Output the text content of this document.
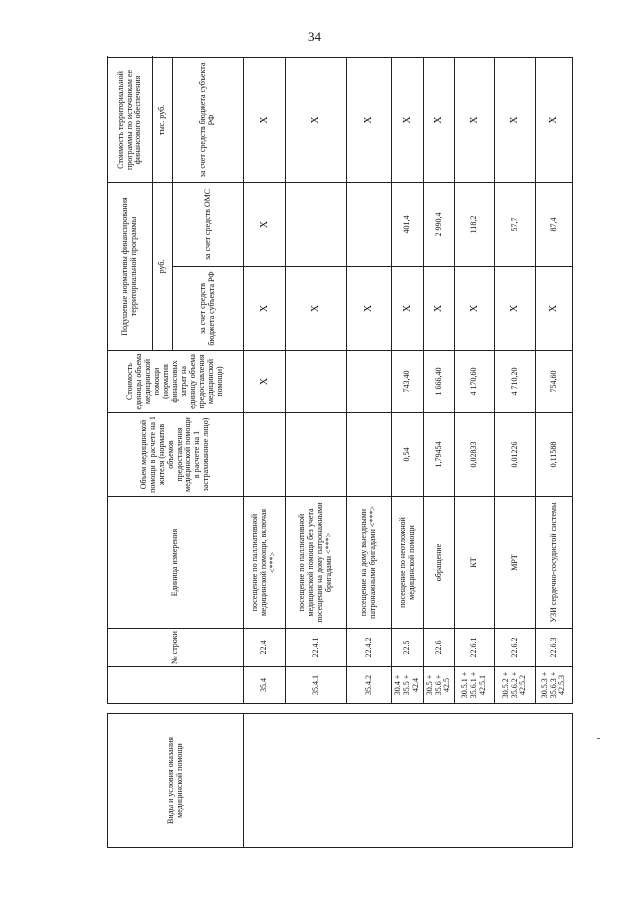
34
Виды и условия оказания медицинской помощи			№ строки	Единица измерения	Объем медицинской помощи в расчете на 1 жителя (норматив объемов предоставления медицинской помощи в расчете на 1 застрахованное лицо)	Стоимость единицы объема медицинской помощи (норматив финансовых затрат на единицу объема предоставления медицинской помощи)	Подушевые нормативы финансирования территориальной программы		Стоимость территориальной программы по источникам ее финансового обеспечения	
							руб.		тыс. руб.	
							за счет средств бюджета субъекта РФ	за счет средств ОМС	за счет средств бюджета субъекта РФ	
		35.4	22.4	посещение по паллиативной медицинской помощи, включая <***>		X	X	X	X		
		35.4.1	22.4.1	посещение по паллиативной медицинской помощи без учета посещения на дому патронажными бригадами <***>			X		X		
		35.4.2	22.4.2	посещение на дому выездными патронажными бригадами <***>			X		X		
		30.4 + 35.5 + 42.4	22.5	посещение по неотложной медицинской помощи	0,54	743,40	X	401,4	X		
		30.5 + 35.6 + 42.5	22.6	обращение	1,79454	1 666,40	X	2 990,4	X		
		30.5.1 + 35.6.1 + 42.5.1	22.6.1	КТ	0,02833	4 170,60	X	118,2	X		
		30.5.2 + 35.6.2 + 42.5.2	22.6.2	МРТ	0,01226	4 710,20	X	57,7	X		
		30.5.3 + 35.6.3 + 42.5.3	22.6.3	УЗИ сердечно-сосудистой системы	0,11588	754,60	X	87,4	X		
